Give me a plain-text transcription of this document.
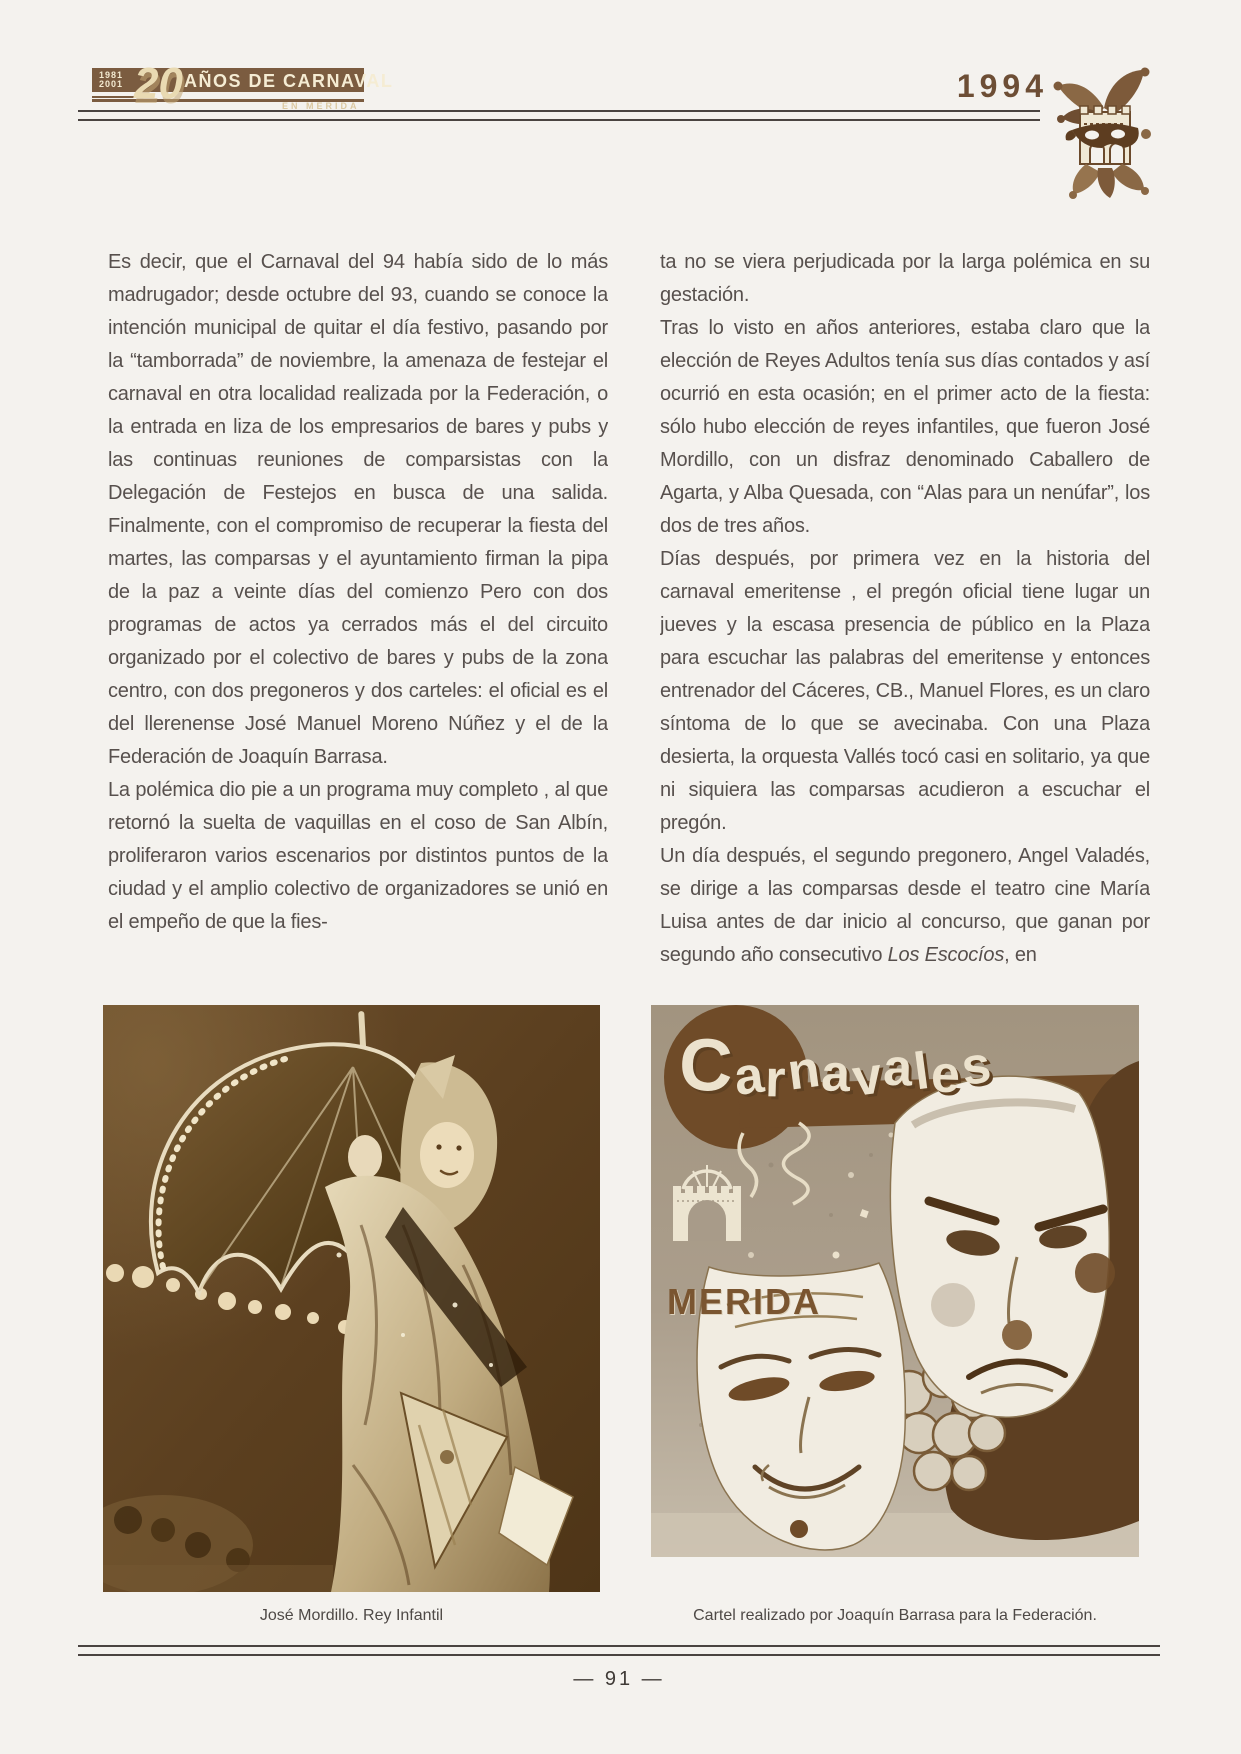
1981
2001 20 AÑOS DE CARNAVAL
EN MERIDA
1994

Es decir, que el Carnaval del 94 había sido de lo más madrugador; desde octubre del 93, cuando se conoce la intención municipal de quitar el día festivo, pasando por la “tamborrada” de noviembre, la amenaza de festejar el carnaval en otra localidad realizada por la Federación, o la entrada en liza de los empresarios de bares y pubs y las continuas reuniones de comparsistas con la Delegación de Festejos en busca de una salida. Finalmente, con el compromiso de recuperar la fiesta del martes, las comparsas y el ayuntamiento firman la pipa de la paz a veinte días del comienzo Pero con dos programas de actos ya cerrados más el del circuito organizado por el colectivo de bares y pubs de la zona centro, con dos pregoneros y dos carteles: el oficial es el del llerenense José Manuel Moreno Núñez y el de la Federación de Joaquín Barrasa.

La polémica dio pie a un programa muy completo , al que retornó la suelta de vaquillas en el coso de San Albín, proliferaron varios escenarios por distintos puntos de la ciudad y el amplio colectivo de organizadores se unió en el empeño de que la fies-

ta no se viera perjudicada por la larga polémica en su gestación.

Tras lo visto en años anteriores, estaba claro que la elección de Reyes Adultos tenía sus días contados y así ocurrió en esta ocasión; en el primer acto de la fiesta: sólo hubo elección de reyes infantiles, que fueron José Mordillo, con un disfraz denominado Caballero de Agarta, y Alba Quesada, con “Alas para un nenúfar”, los dos de tres años.

Días después, por primera vez en la historia del carnaval emeritense , el pregón oficial tiene lugar un jueves y la escasa presencia de público en la Plaza para escuchar las palabras del emeritense y entonces entrenador del Cáceres, CB., Manuel Flores, es un claro síntoma de lo que se avecinaba. Con una Plaza desierta, la orquesta Vallés tocó casi en solitario, ya que ni siquiera las comparsas acudieron a escuchar el pregón.

Un día después, el segundo pregonero, Angel Valadés, se dirige a las comparsas desde el teatro cine María Luisa antes de dar inicio al concurso, que ganan por segundo año consecutivo Los Escocíos, en

Carnavales
MERIDA
José Mordillo. Rey Infantil	Cartel realizado por Joaquín Barrasa para la Federación.
— 91 —
